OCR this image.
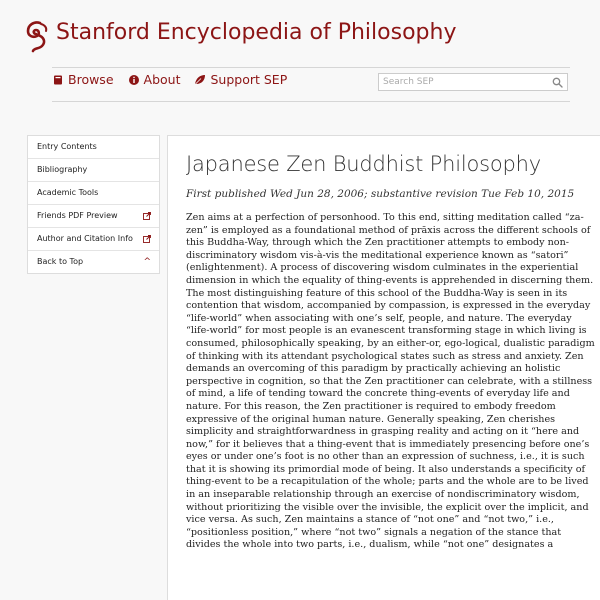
Stanford Encyclopedia of Philosophy
Browse About Support SEP
Search SEP
Entry Contents
Bibliography
Academic Tools
Friends PDF Preview
Author and Citation Info
Back to Top	^
Japanese Zen Buddhist Philosophy
First published Wed Jun 28, 2006; substantive revision Tue Feb 10, 2015

Zen aims at a perfection of personhood. To this end, sitting meditation called “za-zen” is employed as a foundational method of prāxis across the different schools of this Buddha-Way, through which the Zen practitioner attempts to embody non-discriminatory wisdom vis-à-vis the meditational experience known as “satori” (enlightenment). A process of discovering wisdom culminates in the experiential dimension in which the equality of thing-events is apprehended in discerning them. The most distinguishing feature of this school of the Buddha-Way is seen in its contention that wisdom, accompanied by compassion, is expressed in the everyday “life-world” when associating with one’s self, people, and nature. The everyday “life-world” for most people is an evanescent transforming stage in which living is consumed, philosophically speaking, by an either-or, ego-logical, dualistic paradigm of thinking with its attendant psychological states such as stress and anxiety. Zen demands an overcoming of this paradigm by practically achieving an holistic perspective in cognition, so that the Zen practitioner can celebrate, with a stillness of mind, a life of tending toward the concrete thing-events of everyday life and nature. For this reason, the Zen practitioner is required to embody freedom expressive of the original human nature. Generally speaking, Zen cherishes simplicity and straightforwardness in grasping reality and acting on it “here and now,” for it believes that a thing-event that is immediately presencing before one’s eyes or under one’s foot is no other than an expression of suchness, i.e., it is such that it is showing its primordial mode of being. It also understands a specificity of thing-event to be a recapitulation of the whole; parts and the whole are to be lived in an inseparable relationship through an exercise of nondiscriminatory wisdom, without prioritizing the visible over the invisible, the explicit over the implicit, and vice versa. As such, Zen maintains a stance of “not one” and “not two,” i.e., “positionless position,” where “not two” signals a negation of the stance that divides the whole into two parts, i.e., dualism, while “not one” designates a
